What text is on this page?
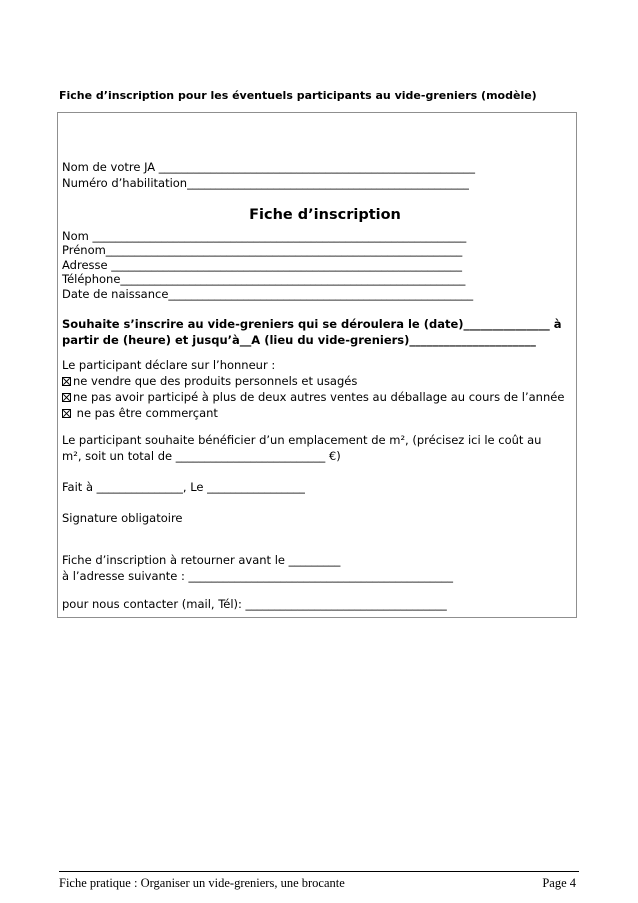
Fiche d’inscription pour les éventuels participants au vide-greniers (modèle)
Nom de votre JA _______________________________________________________
Numéro d’habilitation_________________________________________________
Fiche d’inscription
Nom _________________________________________________________________
Prénom______________________________________________________________
Adresse _____________________________________________________________
Téléphone____________________________________________________________
Date de naissance_____________________________________________________
Souhaite s’inscrire au vide-greniers qui se déroulera le (date)_______________ à
partir de (heure) et jusqu’à__A (lieu du vide-greniers)______________________
Le participant déclare sur l’honneur :
ne vendre que des produits personnels et usagés
ne pas avoir participé à plus de deux autres ventes au déballage au cours de l’année
ne pas être commerçant
Le participant souhaite bénéficier d’un emplacement de m², (précisez ici le coût au
m², soit un total de __________________________ €)
Fait à _______________, Le _________________
Signature obligatoire
Fiche d’inscription à retourner avant le _________
à l’adresse suivante : ______________________________________________
pour nous contacter (mail, Tél): ___________________________________
Fiche pratique : Organiser un vide-greniers, une brocante	Page 4
